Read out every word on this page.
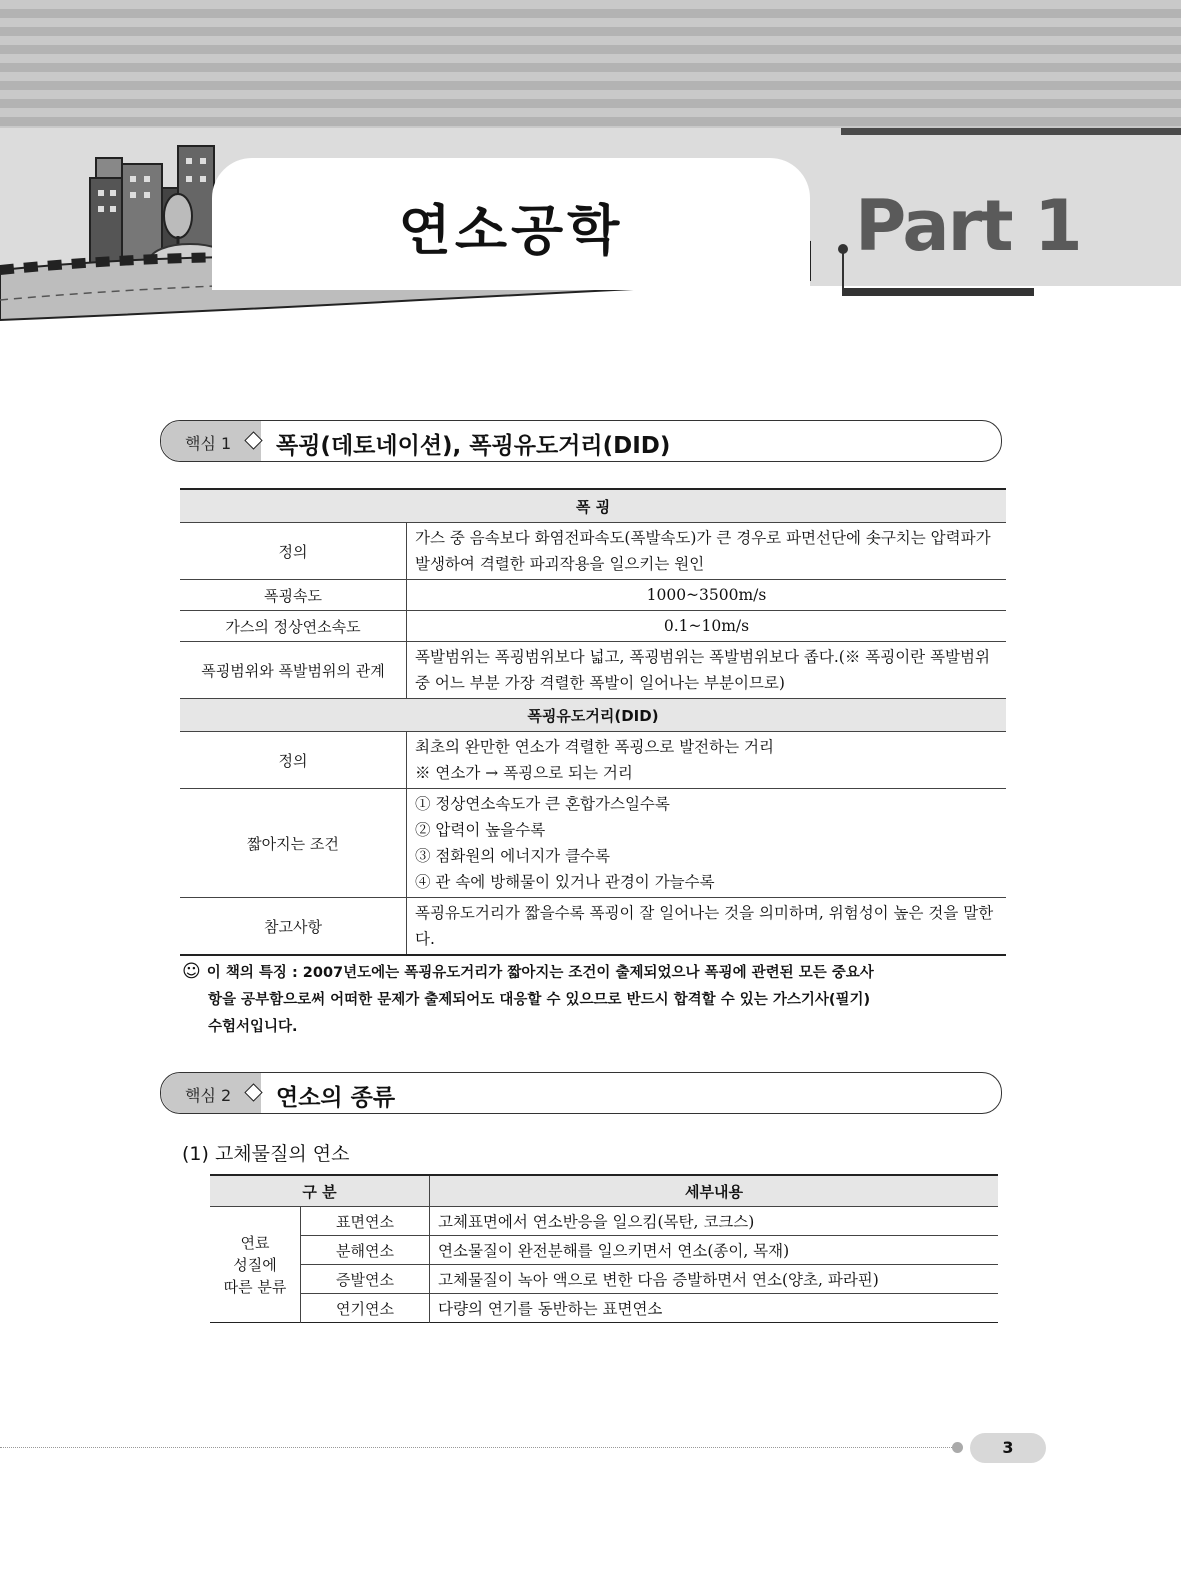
연소공학	Part 1
핵심 1 폭굉(데토네이션), 폭굉유도거리(DID)
폭 굉	
정의	가스 중 음속보다 화염전파속도(폭발속도)가 큰 경우로 파면선단에 솟구치는 압력파가 발생하여 격렬한 파괴작용을 일으키는 원인
폭굉속도	1000~3500m/s
가스의 정상연소속도	0.1~10m/s
폭굉범위와 폭발범위의 관계	폭발범위는 폭굉범위보다 넓고, 폭굉범위는 폭발범위보다 좁다.(※ 폭굉이란 폭발범위 중 어느 부분 가장 격렬한 폭발이 일어나는 부분이므로)
폭굉유도거리(DID)	
정의	최초의 완만한 연소가 격렬한 폭굉으로 발전하는 거리
※ 연소가 → 폭굉으로 되는 거리

짧아지는 조건	① 정상연소속도가 큰 혼합가스일수록
② 압력이 높을수록
③ 점화원의 에너지가 클수록
④ 관 속에 방해물이 있거나 관경이 가늘수록

참고사항	폭굉유도거리가 짧을수록 폭굉이 잘 일어나는 것을 의미하며, 위험성이 높은 것을 말한다.
☺ 이 책의 특징 : 2007년도에는 폭굉유도거리가 짧아지는 조건이 출제되었으나 폭굉에 관련된 모든 중요사
항을 공부함으로써 어떠한 문제가 출제되어도 대응할 수 있으므로 반드시 합격할 수 있는 가스기사(필기)
수험서입니다.
핵심 2 연소의 종류
(1) 고체물질의 연소
구 분		세부내용

연료
성질에
따른 분류	표면연소	고체표면에서 연소반응을 일으킴(목탄, 코크스)
	분해연소	연소물질이 완전분해를 일으키면서 연소(종이, 목재)
	증발연소	고체물질이 녹아 액으로 변한 다음 증발하면서 연소(양초, 파라핀)
	연기연소	다량의 연기를 동반하는 표면연소
3
